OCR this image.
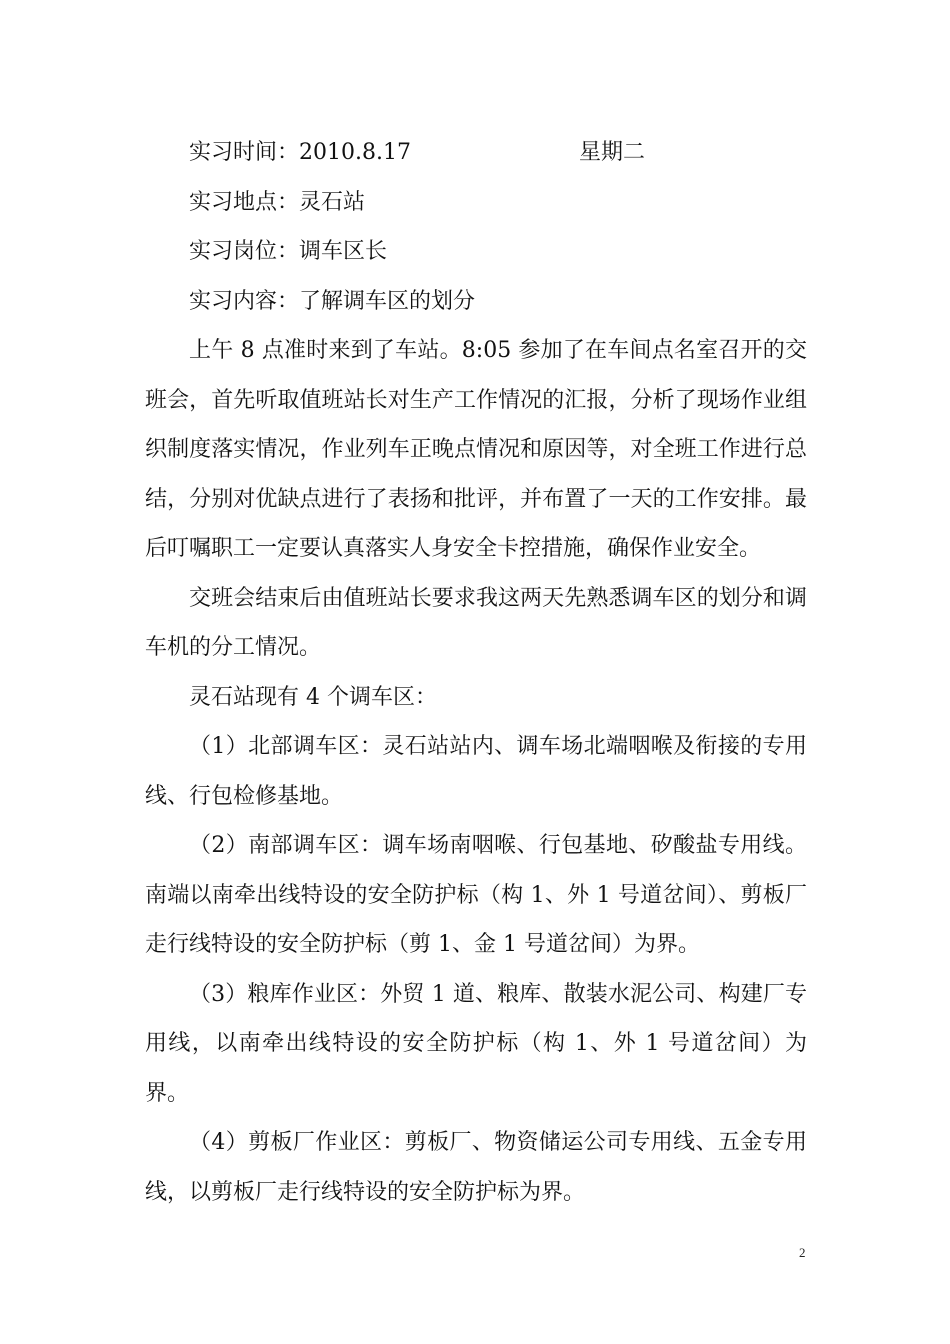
实习时间：2010.8.17	星期二
实习地点：灵石站
实习岗位：调车区长
实习内容：了解调车区的划分

上午 8 点准时来到了车站。8:05 参加了在车间点名室召开的交班会，首先听取值班站长对生产工作情况的汇报，分析了现场作业组织制度落实情况，作业列车正晚点情况和原因等，对全班工作进行总结，分别对优缺点进行了表扬和批评，并布置了一天的工作安排。最后叮嘱职工一定要认真落实人身安全卡控措施，确保作业安全。

交班会结束后由值班站长要求我这两天先熟悉调车区的划分和调车机的分工情况。

灵石站现有 4 个调车区：

（1）北部调车区：灵石站站内、调车场北端咽喉及衔接的专用线、行包检修基地。

（2）南部调车区：调车场南咽喉、行包基地、矽酸盐专用线。南端以南牵出线特设的安全防护标（构 1、外 1 号道岔间）、剪板厂走行线特设的安全防护标（剪 1、金 1 号道岔间）为界。

（3）粮库作业区：外贸 1 道、粮库、散装水泥公司、构建厂专用线，以南牵出线特设的安全防护标（构 1、外 1 号道岔间）为界。

（4）剪板厂作业区：剪板厂、物资储运公司专用线、五金专用线，以剪板厂走行线特设的安全防护标为界。

2
